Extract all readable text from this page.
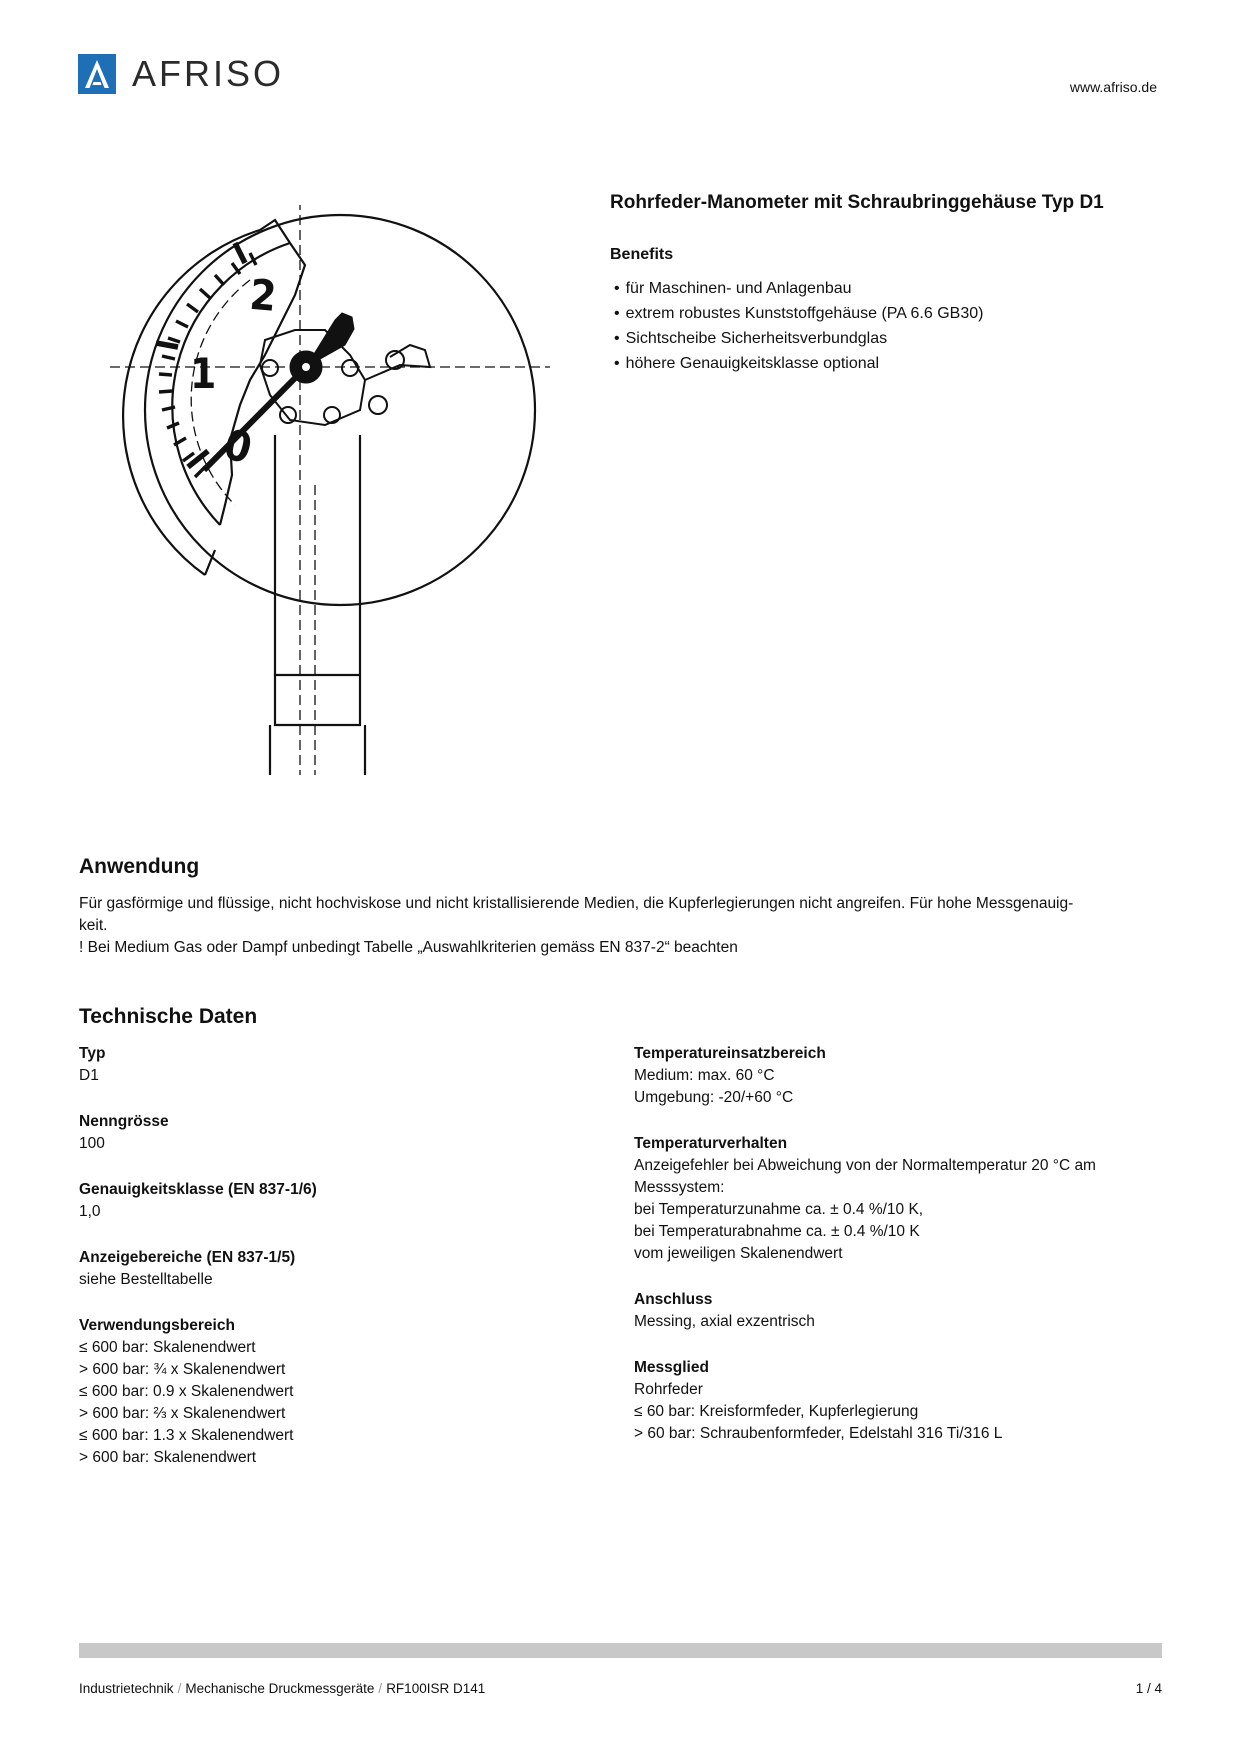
AFRISO	www.afriso.de
2
1
0
Rohrfeder-Manometer mit Schraubringgehäuse Typ D1
Benefits
• für Maschinen- und Anlagenbau
• extrem robustes Kunststoffgehäuse (PA 6.6 GB30)
• Sichtscheibe Sicherheitsverbundglas
• höhere Genauigkeitsklasse optional
Anwendung
Für gasförmige und flüssige, nicht hochviskose und nicht kristallisierende Medien, die Kupferlegierungen nicht angreifen. Für hohe Messgenauig-
keit.
! Bei Medium Gas oder Dampf unbedingt Tabelle „Auswahlkriterien gemäss EN 837-2“ beachten
Technische Daten
Typ
D1
Nenngrösse
100
Genauigkeitsklasse (EN 837-1/6)
1,0
Anzeigebereiche (EN 837-1/5)
siehe Bestelltabelle
Verwendungsbereich
≤ 600 bar: Skalenendwert
> 600 bar: ¾ x Skalenendwert
≤ 600 bar: 0.9 x Skalenendwert
> 600 bar: ⅔ x Skalenendwert
≤ 600 bar: 1.3 x Skalenendwert
> 600 bar: Skalenendwert
Temperatureinsatzbereich
Medium: max. 60 °C
Umgebung: -20/+60 °C
Temperaturverhalten
Anzeigefehler bei Abweichung von der Normaltemperatur 20 °C am
Messsystem:
bei Temperaturzunahme ca. ± 0.4 %/10 K,
bei Temperaturabnahme ca. ± 0.4 %/10 K
vom jeweiligen Skalenendwert
Anschluss
Messing, axial exzentrisch
Messglied
Rohrfeder
≤ 60 bar: Kreisformfeder, Kupferlegierung
> 60 bar: Schraubenformfeder, Edelstahl 316 Ti/316 L
Industrietechnik / Mechanische Druckmessgeräte / RF100ISR D141	1 / 4
